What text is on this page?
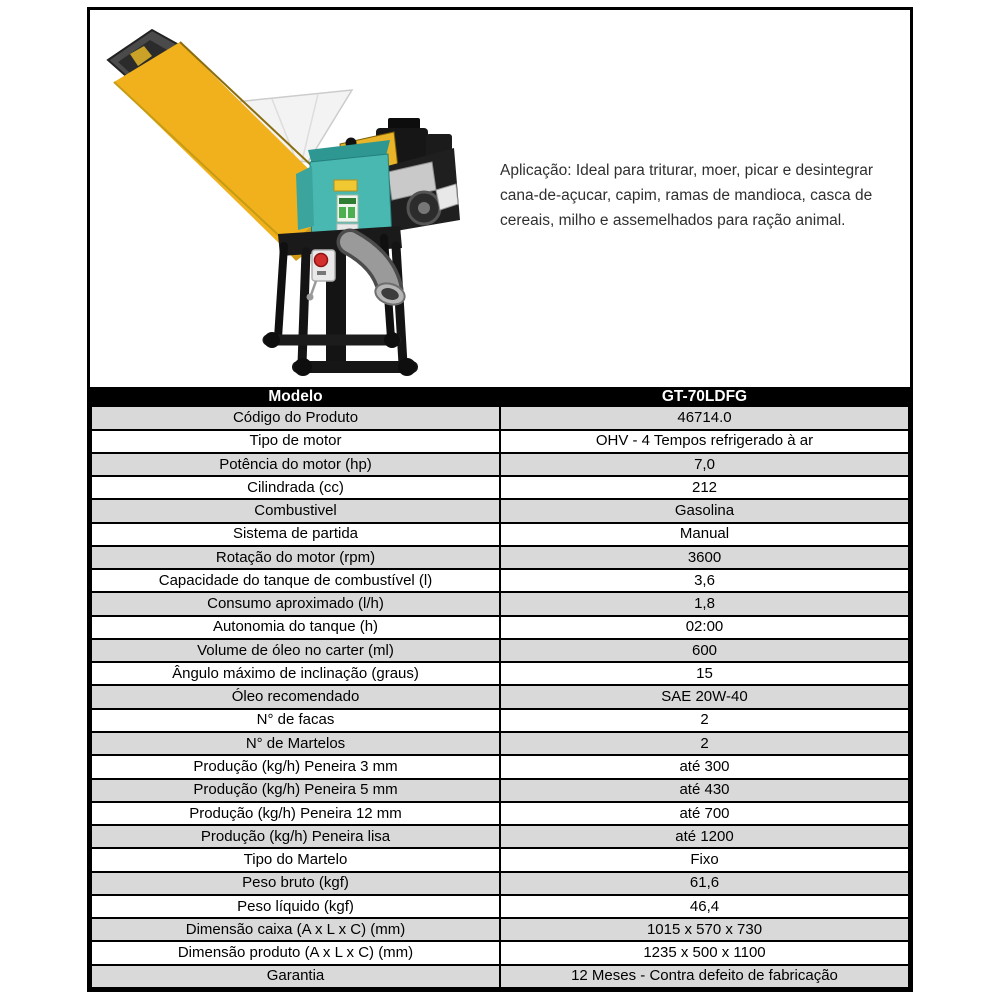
Aplicação: Ideal para triturar, moer, picar e desintegrar cana-de-açucar, capim, ramas de mandioca, casca de cereais, milho e assemelhados para ração animal.

Modelo	GT-70LDFG
Código do Produto	46714.0
Tipo de motor	OHV - 4 Tempos refrigerado à ar
Potência do motor (hp)	7,0
Cilindrada (cc)	212
Combustivel	Gasolina
Sistema de partida	Manual
Rotação do motor (rpm)	3600
Capacidade do tanque de combustível (l)	3,6
Consumo aproximado (l/h)	1,8
Autonomia do tanque (h)	02:00
Volume de óleo no carter (ml)	600
Ângulo máximo de inclinação (graus)	15
Óleo recomendado	SAE 20W-40
N° de facas	2
N° de Martelos	2
Produção (kg/h) Peneira 3 mm	até 300
Produção (kg/h) Peneira 5 mm	até 430
Produção (kg/h) Peneira 12 mm	até 700
Produção (kg/h) Peneira lisa	até 1200
Tipo do Martelo	Fixo
Peso bruto (kgf)	61,6
Peso líquido (kgf)	46,4
Dimensão caixa (A x L x C) (mm)	1015 x 570 x 730
Dimensão produto (A x L x C) (mm)	1235 x 500 x 1100
Garantia	12 Meses - Contra defeito de fabricação
